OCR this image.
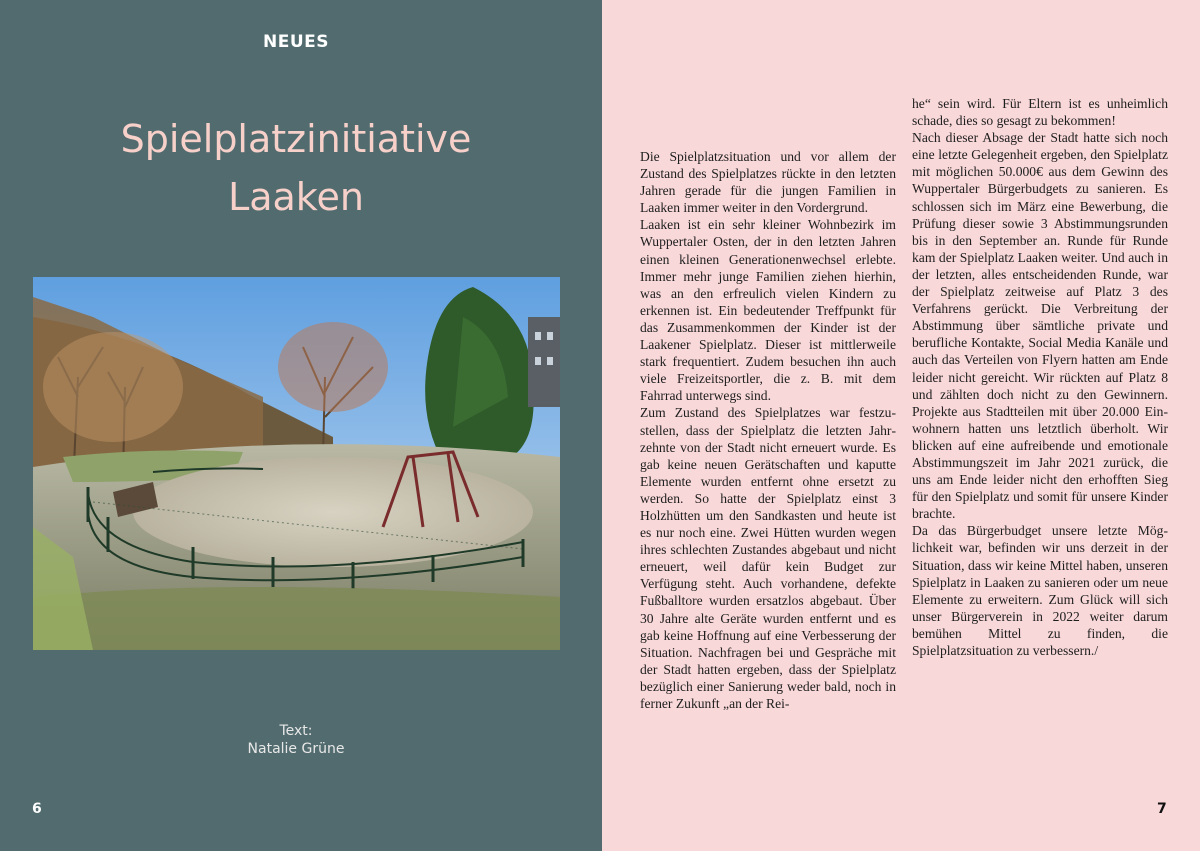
NEUES
Spielplatzinitiative
Laaken
Text:
Natalie Grüne
6

Die Spielplatzsituation und vor allem der Zustand des Spielplatzes rückte in den letzten Jahren gerade für die jungen Familien in Laaken immer weiter in den Vordergrund.

Laaken ist ein sehr kleiner Wohnbezirk im Wuppertaler Osten, der in den letzten Jahren einen kleinen Generationenwechsel erlebte. Immer mehr junge Familien ziehen hierhin, was an den erfreulich vielen Kindern zu erkennen ist. Ein bedeutender Treffpunkt für das Zusammenkommen der Kinder ist der Laakener Spielplatz. Dieser ist mittlerweile stark frequentiert. Zudem besuchen ihn auch viele Freizeitsportler, die z. B. mit dem Fahrrad unterwegs sind.

Zum Zustand des Spielplatzes war festzustellen, dass der Spielplatz die letzten Jahrzehnte von der Stadt nicht erneuert wurde. Es gab keine neuen Gerätschaften und kaputte Elemente wurden entfernt ohne ersetzt zu werden. So hatte der Spielplatz einst 3 Holzhütten um den Sandkasten und heute ist es nur noch eine. Zwei Hütten wurden wegen ihres schlechten Zustandes abgebaut und nicht erneuert, weil dafür kein Budget zur Verfügung steht. Auch vorhandene, defekte Fußballtore wurden ersatzlos abgebaut. Über 30 Jahre alte Geräte wurden entfernt und es gab keine Hoffnung auf eine Verbesserung der Situation. Nachfragen bei und Gespräche mit der Stadt hatten ergeben, dass der Spielplatz bezüglich einer Sanierung weder bald, noch in ferner Zukunft „an der Rei-

he“ sein wird. Für Eltern ist es unheimlich schade, dies so gesagt zu bekommen!

Nach dieser Absage der Stadt hatte sich noch eine letzte Gelegenheit ergeben, den Spielplatz mit möglichen 50.000€ aus dem Gewinn des Wuppertaler Bürgerbudgets zu sanieren. Es schlossen sich im März eine Bewerbung, die Prüfung dieser sowie 3 Abstimmungsrunden bis in den September an. Runde für Runde kam der Spielplatz Laaken weiter. Und auch in der letzten, alles entscheidenden Runde, war der Spielplatz zeitweise auf Platz 3 des Verfahrens gerückt. Die Verbreitung der Abstimmung über sämtliche private und berufliche Kontakte, Social Media Kanäle und auch das Verteilen von Flyern hatten am Ende leider nicht gereicht. Wir rückten auf Platz 8 und zählten doch nicht zu den Gewinnern. Projekte aus Stadtteilen mit über 20.000 Einwohnern hatten uns letztlich überholt. Wir blicken auf eine aufreibende und emotionale Abstimmungszeit im Jahr 2021 zurück, die uns am Ende leider nicht den erhofften Sieg für den Spielplatz und somit für unsere Kinder brachte.

Da das Bürgerbudget unsere letzte Möglichkeit war, befinden wir uns derzeit in der Situation, dass wir keine Mittel haben, unseren Spielplatz in Laaken zu sanieren oder um neue Elemente zu erweitern. Zum Glück will sich unser Bürgerverein in 2022 weiter darum bemühen Mittel zu finden, die Spielplatzsituation zu verbessern./

7
